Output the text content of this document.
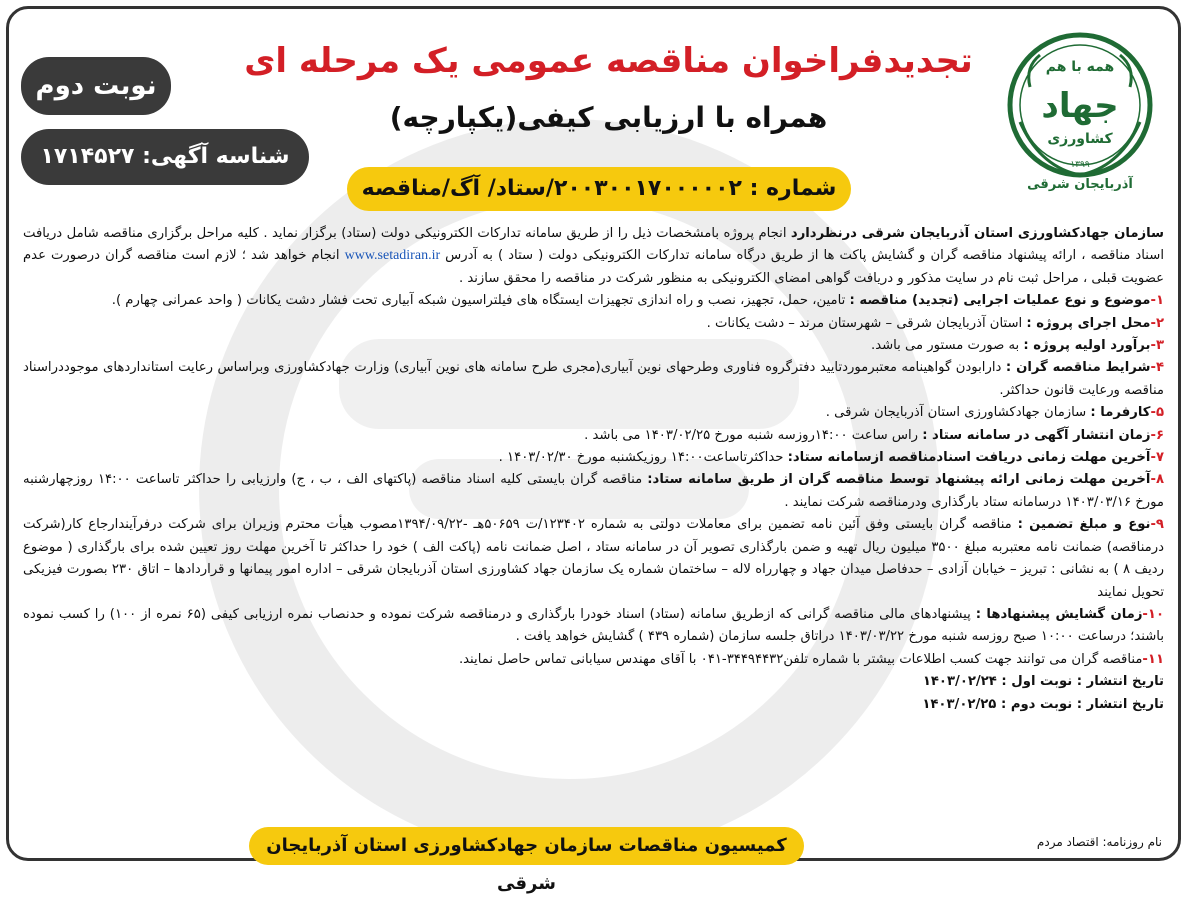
همه با هم
جهاد
کشاورزی
۱۳۹۹
آذربایجان شرقی
تجدیدفراخوان مناقصه عمومی یک مرحله ای
همراه با ارزیابی کیفی(یکپارچه)
شماره : ۲۰۰۳۰۰۱۷۰۰۰۰۰۲/ستاد/ آگ/مناقصه
نوبت دوم
شناسه آگهی: ۱۷۱۴۵۲۷

سازمان جهادکشاورزی استان آذربایجان شرقی درنظردارد انجام پروژه بامشخصات ذیل را از طریق سامانه تدارکات الکترونیکی دولت (ستاد) برگزار نماید . کلیه مراحل برگزاری مناقصه شامل دریافت اسناد مناقصه ، ارائه پیشنهاد مناقصه گران و گشایش پاکت ها از طریق درگاه سامانه تدارکات الکترونیکی دولت ( ستاد ) به آدرس www.setadiran.ir انجام خواهد شد ؛ لازم است مناقصه گران درصورت عدم عضویت قبلی ، مراحل ثبت نام در سایت مذکور و دریافت گواهی امضای الکترونیکی به منظور شرکت در مناقصه را محقق سازند .

۱-موضوع و نوع عملیات اجرایی (تجدید) مناقصه : تامین، حمل، تجهیز، نصب و راه اندازی تجهیزات ایستگاه های فیلتراسیون شبکه آبیاری تحت فشار دشت یکانات ( واحد عمرانی چهارم ).

۲-محل اجرای پروژه : استان آذربایجان شرقی – شهرستان مرند – دشت یکانات .

۳-برآورد اولیه پروژه : به صورت مستور می باشد.

۴-شرایط مناقصه گران : دارابودن گواهینامه معتبرموردتایید دفترگروه فناوری وطرحهای نوین آبیاری(مجری طرح سامانه های نوین آبیاری) وزارت جهادکشاورزی وبراساس رعایت استانداردهای موجوددراسناد مناقصه ورعایت قانون حداکثر.

۵-کارفرما : سازمان جهادکشاورزی استان آذربایجان شرقی .

۶-زمان انتشار آگهی در سامانه ستاد : راس ساعت ۱۴:۰۰روزسه شنبه مورخ ۱۴۰۳/۰۲/۲۵ می باشد .

۷-آخرین مهلت زمانی دریافت اسنادمناقصه ازسامانه ستاد: حداکثرتاساعت۱۴:۰۰ روزیکشنبه مورخ ۱۴۰۳/۰۲/۳۰ .

۸-آخرین مهلت زمانی ارائه پیشنهاد توسط مناقصه گران از طریق سامانه ستاد: مناقصه گران بایستی کلیه اسناد مناقصه (پاکتهای الف ، ب ، ج) وارزیابی را حداکثر تاساعت ۱۴:۰۰ روزچهارشنبه مورخ ۱۴۰۳/۰۳/۱۶ درسامانه ستاد بارگذاری ودرمناقصه شرکت نمایند .

۹-نوع و مبلغ تضمین : مناقصه گران بایستی وفق آئین نامه تضمین برای معاملات دولتی به شماره ۱۲۳۴۰۲/ت ۵۰۶۵۹هـ -۱۳۹۴/۰۹/۲۲مصوب هیأت محترم وزیران برای شرکت درفرآیندارجاع کار(شرکت درمناقصه) ضمانت نامه معتبربه مبلغ ۳۵۰۰ میلیون ریال تهیه و ضمن بارگذاری تصویر آن در سامانه ستاد ، اصل ضمانت نامه (پاکت الف ) خود را حداکثر تا آخرین مهلت روز تعیین شده برای بارگذاری ( موضوع ردیف ۸ ) به نشانی : تبریز – خیابان آزادی – حدفاصل میدان جهاد و چهارراه لاله – ساختمان شماره یک سازمان جهاد کشاورزی استان آذربایجان شرقی – اداره امور پیمانها و قراردادها – اتاق ۲۳۰ بصورت فیزیکی تحویل نمایند

۱۰-زمان گشایش پیشنهادها : پیشنهادهای مالی مناقصه گرانی که ازطریق سامانه (ستاد) اسناد خودرا بارگذاری و درمناقصه شرکت نموده و حدنصاب نمره ارزیابی کیفی (۶۵ نمره از ۱۰۰) را کسب نموده باشند؛ درساعت ۱۰:۰۰ صبح روزسه شنبه مورخ ۱۴۰۳/۰۳/۲۲ دراتاق جلسه سازمان (شماره ۴۳۹ ) گشایش خواهد یافت .

۱۱-مناقصه گران می توانند جهت کسب اطلاعات بیشتر با شماره تلفن۳۴۴۹۴۴۳۲-۰۴۱ با آقای مهندس سیابانی تماس حاصل نمایند.

تاریخ انتشار : نوبت اول : ۱۴۰۳/۰۲/۲۴

تاریخ انتشار : نوبت دوم : ۱۴۰۳/۰۲/۲۵

کمیسیون مناقصات سازمان جهادکشاورزی استان آذربایجان شرقی
نام روزنامه: اقتصاد مردم
